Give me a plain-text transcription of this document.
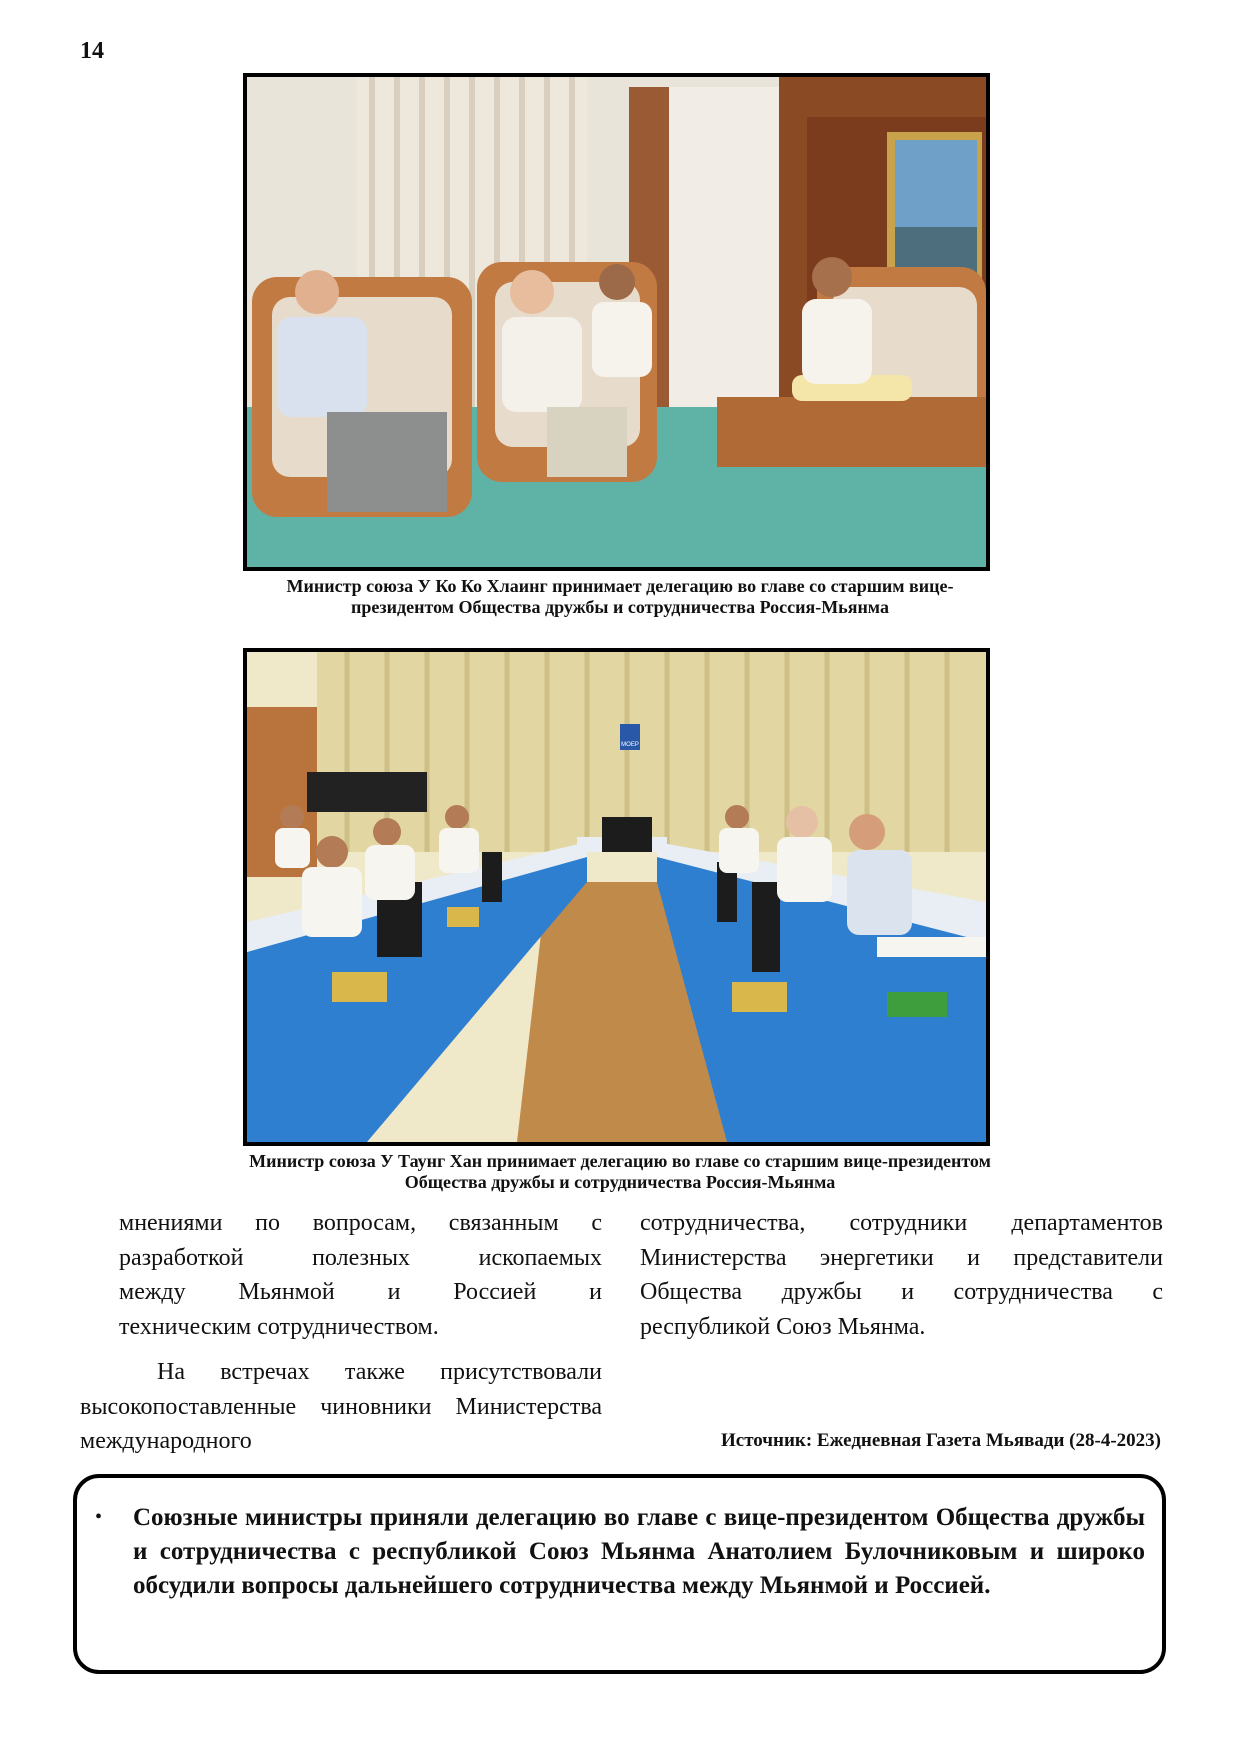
14
Министр союза У Ко Ко Хлаинг принимает делегацию во главе со старшим вице-
президентом Общества дружбы и сотрудничества Россия-Мьянма
МОЕР
Министр союза У Таунг Хан принимает делегацию во главе со старшим вице-президентом
Общества дружбы и сотрудничества Россия-Мьянма

мнениями по вопросам, связанным с

разработкой полезных ископаемых

между Мьянмой и Россией и

техническим сотрудничеством.

На встречах также присутствовали высокопоставленные чиновники Министерства международного

сотрудничества, сотрудники департаментов

Министерства энергетики и представители

Общества дружбы и сотрудничества с

республикой Союз Мьянма.

Источник: Ежедневная Газета Мьявади (28-4-2023)
• Союзные министры приняли делегацию во главе с вице-президентом Общества дружбы и сотрудничества с республикой Союз Мьянма Анатолием Булочниковым и широко обсудили вопросы дальнейшего сотрудничества между Мьянмой и Россией.
